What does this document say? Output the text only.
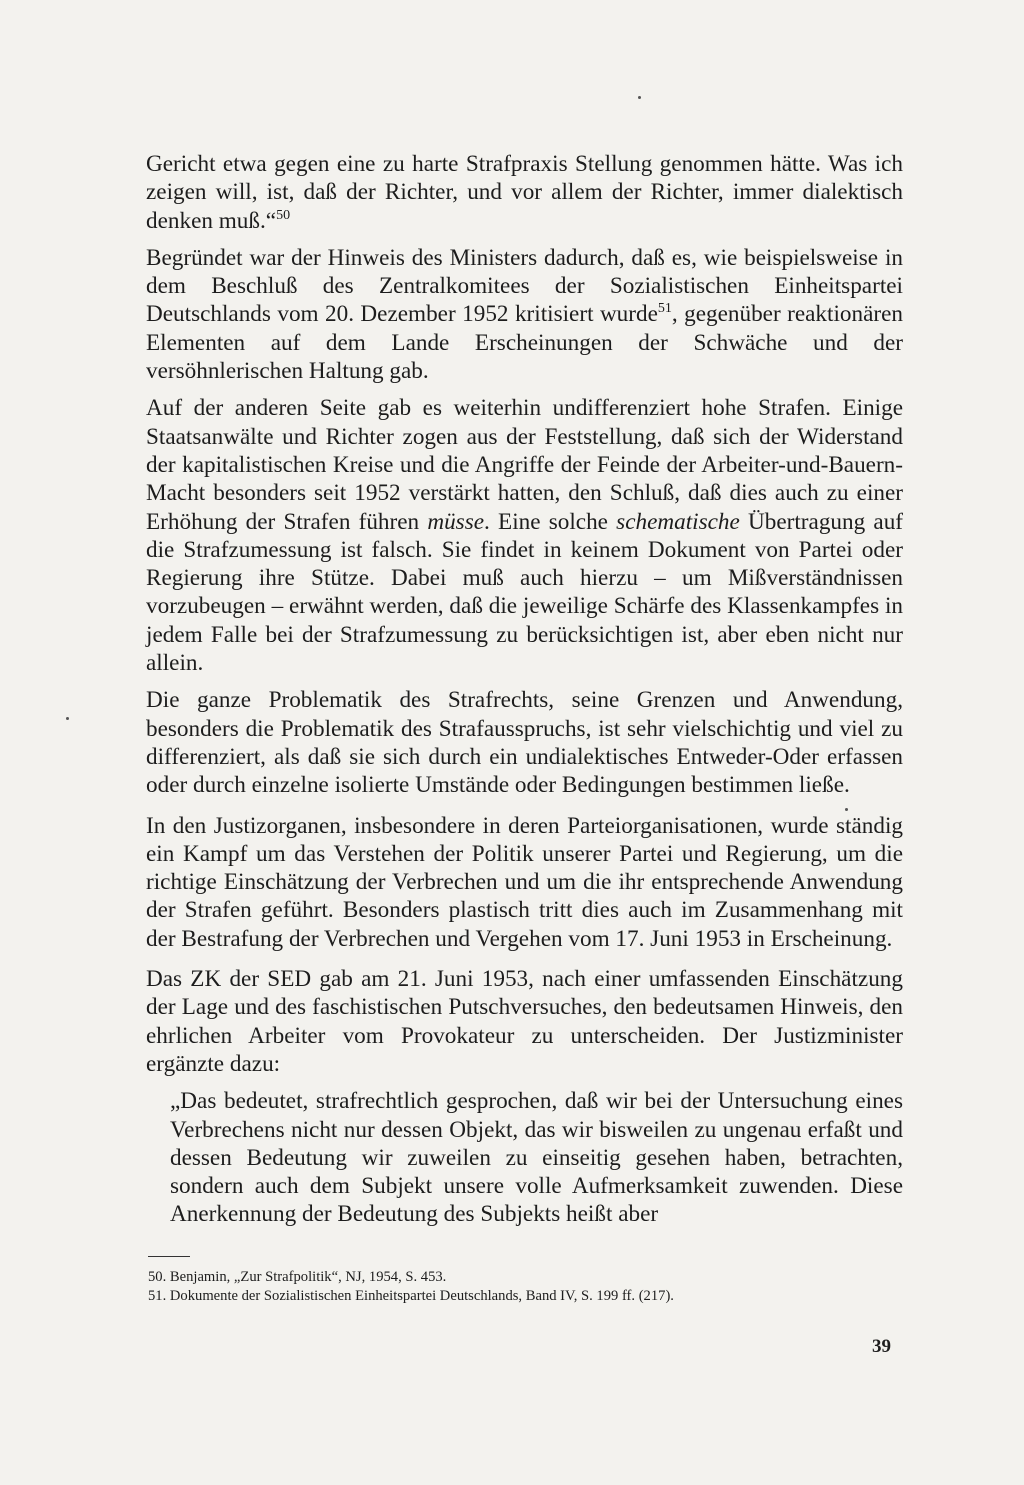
Gericht etwa gegen eine zu harte Strafpraxis Stellung genommen hätte. Was ich zeigen will, ist, daß der Richter, und vor allem der Richter, immer dialektisch denken muß.“$^{50}$

Begründet war der Hinweis des Ministers dadurch, daß es, wie beispielsweise in dem Beschluß des Zentralkomitees der Sozialistischen Einheitspartei Deutschlands vom 20. Dezember 1952 kritisiert wurde$^{51}$, gegenüber reaktionären Elementen auf dem Lande Erscheinungen der Schwäche und der versöhnlerischen Haltung gab.

Auf der anderen Seite gab es weiterhin undifferenziert hohe Strafen. Einige Staatsanwälte und Richter zogen aus der Feststellung, daß sich der Widerstand der kapitalistischen Kreise und die Angriffe der Feinde der Arbeiter-und-Bauern-Macht besonders seit 1952 verstärkt hatten, den Schluß, daß dies auch zu einer Erhöhung der Strafen führen müsse. Eine solche schematische Übertragung auf die Strafzumessung ist falsch. Sie findet in keinem Dokument von Partei oder Regierung ihre Stütze. Dabei muß auch hierzu – um Mißverständnissen vorzubeugen – erwähnt werden, daß die jeweilige Schärfe des Klassenkampfes in jedem Falle bei der Strafzumessung zu berücksichtigen ist, aber eben nicht nur allein.

Die ganze Problematik des Strafrechts, seine Grenzen und Anwendung, besonders die Problematik des Strafausspruchs, ist sehr vielschichtig und viel zu differenziert, als daß sie sich durch ein undialektisches Entweder-Oder erfassen oder durch einzelne isolierte Umstände oder Bedingungen bestimmen ließe.

In den Justizorganen, insbesondere in deren Parteiorganisationen, wurde ständig ein Kampf um das Verstehen der Politik unserer Partei und Regierung, um die richtige Einschätzung der Verbrechen und um die ihr entsprechende Anwendung der Strafen geführt. Besonders plastisch tritt dies auch im Zusammenhang mit der Bestrafung der Verbrechen und Vergehen vom 17. Juni 1953 in Erscheinung.

Das ZK der SED gab am 21. Juni 1953, nach einer umfassenden Einschätzung der Lage und des faschistischen Putschversuches, den bedeutsamen Hinweis, den ehrlichen Arbeiter vom Provokateur zu unterscheiden. Der Justizminister ergänzte dazu:

„Das bedeutet, strafrechtlich gesprochen, daß wir bei der Untersuchung eines Verbrechens nicht nur dessen Objekt, das wir bisweilen zu ungenau erfaßt und dessen Bedeutung wir zuweilen zu einseitig gesehen haben, betrachten, sondern auch dem Subjekt unsere volle Aufmerksamkeit zuwenden. Diese Anerkennung der Bedeutung des Subjekts heißt aber

50. Benjamin, „Zur Strafpolitik“, NJ, 1954, S. 453.
51. Dokumente der Sozialistischen Einheitspartei Deutschlands, Band IV, S. 199 ff. (217).
39
